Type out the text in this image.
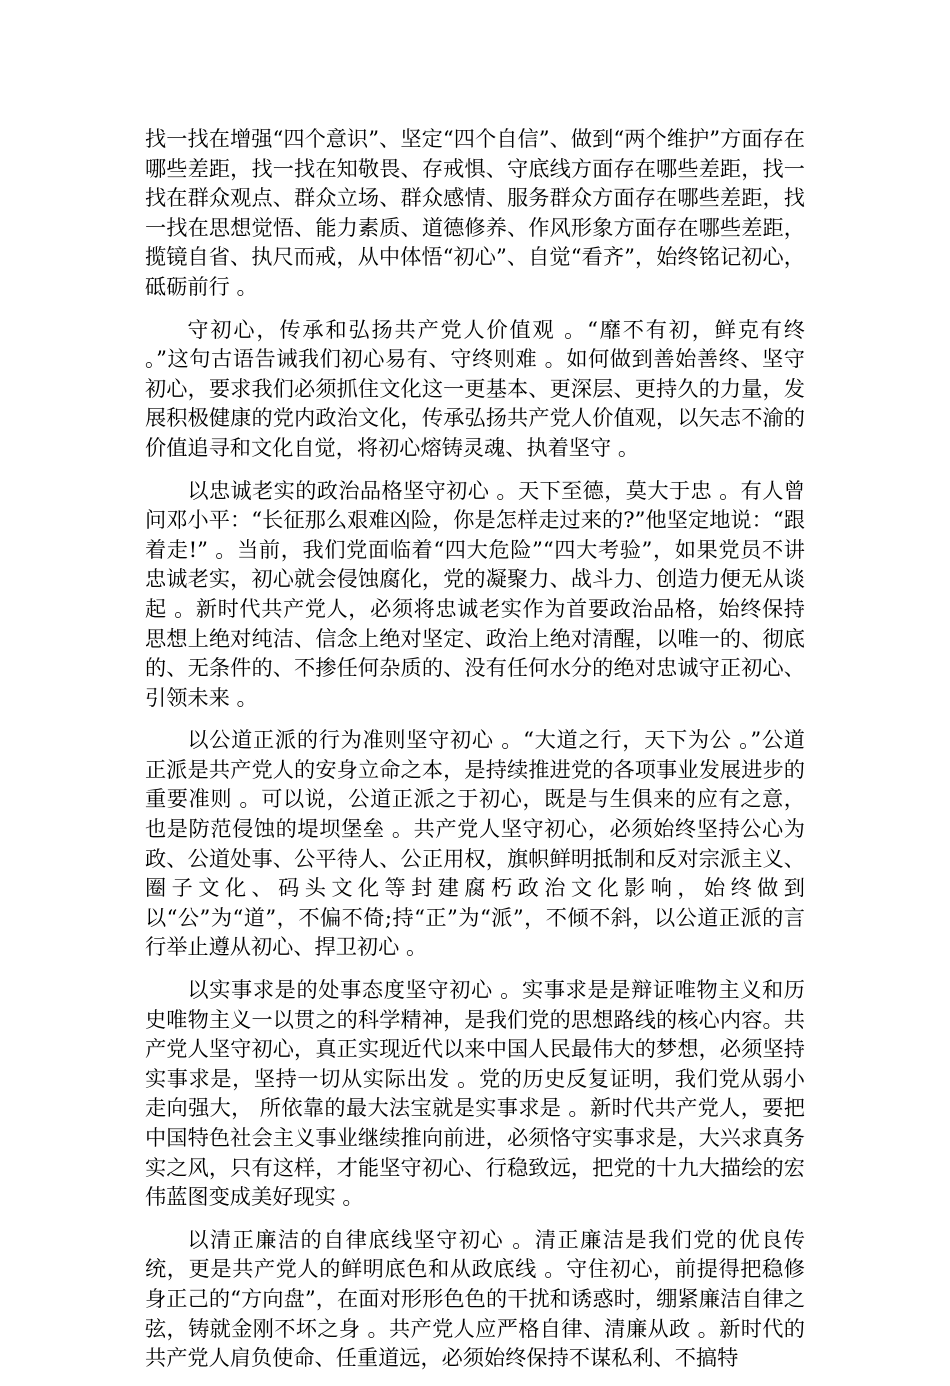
找一找在增强“四个意识”、坚定“四个自信”、做到“两个维护”方面存在哪些差距，找一找在知敬畏、存戒惧、守底线方面存在哪些差距，找一找在群众观点、群众立场、群众感情、服务群众方面存在哪些差距，找一找在思想觉悟、能力素质、道德修养、作风形象方面存在哪些差距，揽镜自省、执尺而戒，从中体悟“初心”、自觉“看齐”，始终铭记初心，砥砺前行 。

守初心，传承和弘扬共产党人价值观 。“靡不有初，鲜克有终 。”这句古语告诫我们初心易有、守终则难 。如何做到善始善终、坚守初心，要求我们必须抓住文化这一更基本、更深层、更持久的力量，发展积极健康的党内政治文化，传承弘扬共产党人价值观，以矢志不渝的价值追寻和文化自觉，将初心熔铸灵魂、执着坚守 。

以忠诚老实的政治品格坚守初心 。天下至德，莫大于忠 。有人曾问邓小平：“长征那么艰难凶险，你是怎样走过来的?”他坚定地说：“跟着走!” 。当前，我们党面临着“四大危险”“四大考验”，如果党员不讲忠诚老实，初心就会侵蚀腐化，党的凝聚力、战斗力、创造力便无从谈起 。新时代共产党人，必须将忠诚老实作为首要政治品格，始终保持思想上绝对纯洁、信念上绝对坚定、政治上绝对清醒，以唯一的、彻底的、无条件的、不掺任何杂质的、没有任何水分的绝对忠诚守正初心、引领未来 。

以公道正派的行为准则坚守初心 。“大道之行，天下为公 。”公道正派是共产党人的安身立命之本，是持续推进党的各项事业发展进步的重要准则 。可以说，公道正派之于初心，既是与生俱来的应有之意，也是防范侵蚀的堤坝堡垒 。共产党人坚守初心，必须始终坚持公心为政、公道处事、公平待人、公正用权，旗帜鲜明抵制和反对宗派主义、圈子文化、码头文化等封建腐朽政治文化影响，始终做到以“公”为“道”，不偏不倚;持“正”为“派”，不倾不斜，以公道正派的言行举止遵从初心、捍卫初心 。

以实事求是的处事态度坚守初心 。实事求是是辩证唯物主义和历史唯物主义一以贯之的科学精神，是我们党的思想路线的核心内容。共产党人坚守初心，真正实现近代以来中国人民最伟大的梦想，必须坚持实事求是，坚持一切从实际出发 。党的历史反复证明，我们党从弱小走向强大， 所依靠的最大法宝就是实事求是 。新时代共产党人，要把中国特色社会主义事业继续推向前进，必须恪守实事求是，大兴求真务实之风，只有这样，才能坚守初心、行稳致远，把党的十九大描绘的宏伟蓝图变成美好现实 。

以清正廉洁的自律底线坚守初心 。清正廉洁是我们党的优良传统，更是共产党人的鲜明底色和从政底线 。守住初心，前提得把稳修身正己的“方向盘”，在面对形形色色的干扰和诱惑时，绷紧廉洁自律之弦，铸就金刚不坏之身 。共产党人应严格自律、清廉从政 。新时代的共产党人肩负使命、任重道远，必须始终保持不谋私利、不搞特
